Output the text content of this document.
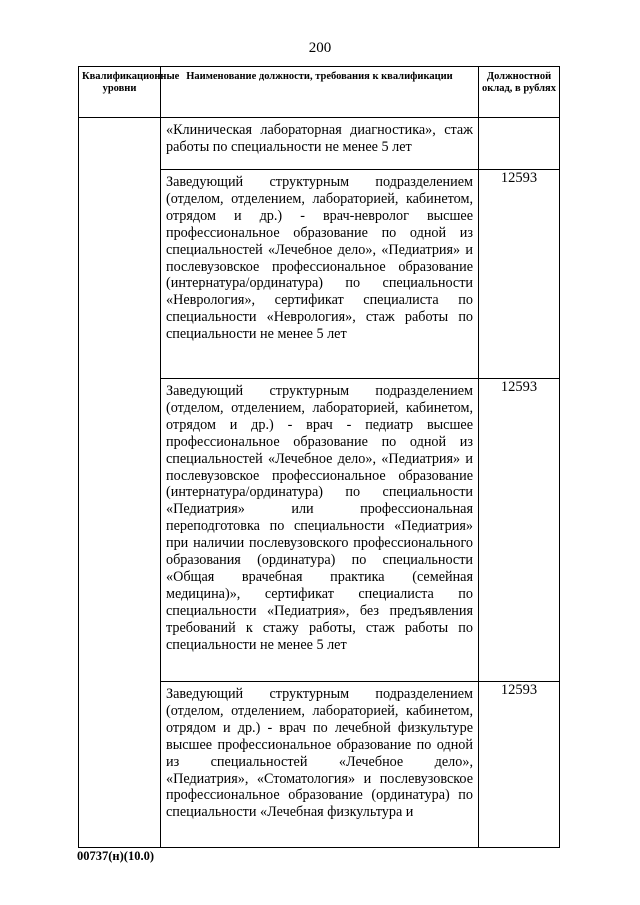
200
Квалификационные уровни	Наименование должности, требования к квалификации	Должностной оклад, в рублях
	«Клиническая лабораторная диагностика», стаж работы по специальности не менее 5 лет	
	Заведующий структурным подразделением (отделом, отделением, лабораторией, кабинетом, отрядом и др.) - врач-невролог высшее профессиональное образование по одной из специальностей «Лечебное дело», «Педиатрия» и послевузовское профессиональное образование (интернатура/ординатура) по специальности «Неврология», сертификат специалиста по специальности «Неврология», стаж работы по специальности не менее 5 лет	12593
	Заведующий структурным подразделением (отделом, отделением, лабораторией, кабинетом, отрядом и др.) - врач - педиатр высшее профессиональное образование по одной из специальностей «Лечебное дело», «Педиатрия» и послевузовское профессиональное образование (интернатура/ординатура) по специальности «Педиатрия» или профессиональная переподготовка по специальности «Педиатрия» при наличии послевузовского профессионального образования (ординатура) по специальности «Общая врачебная практика (семейная медицина)», сертификат специалиста по специальности «Педиатрия», без предъявления требований к стажу работы, стаж работы по специальности не менее 5 лет	12593
	Заведующий структурным подразделением (отделом, отделением, лабораторией, кабинетом, отрядом и др.) - врач по лечебной физкультуре высшее профессиональное образование по одной из специальностей «Лечебное дело», «Педиатрия», «Стоматология» и послевузовское профессиональное образование (ординатура) по специальности «Лечебная физкультура и	12593
00737(н)(10.0)
